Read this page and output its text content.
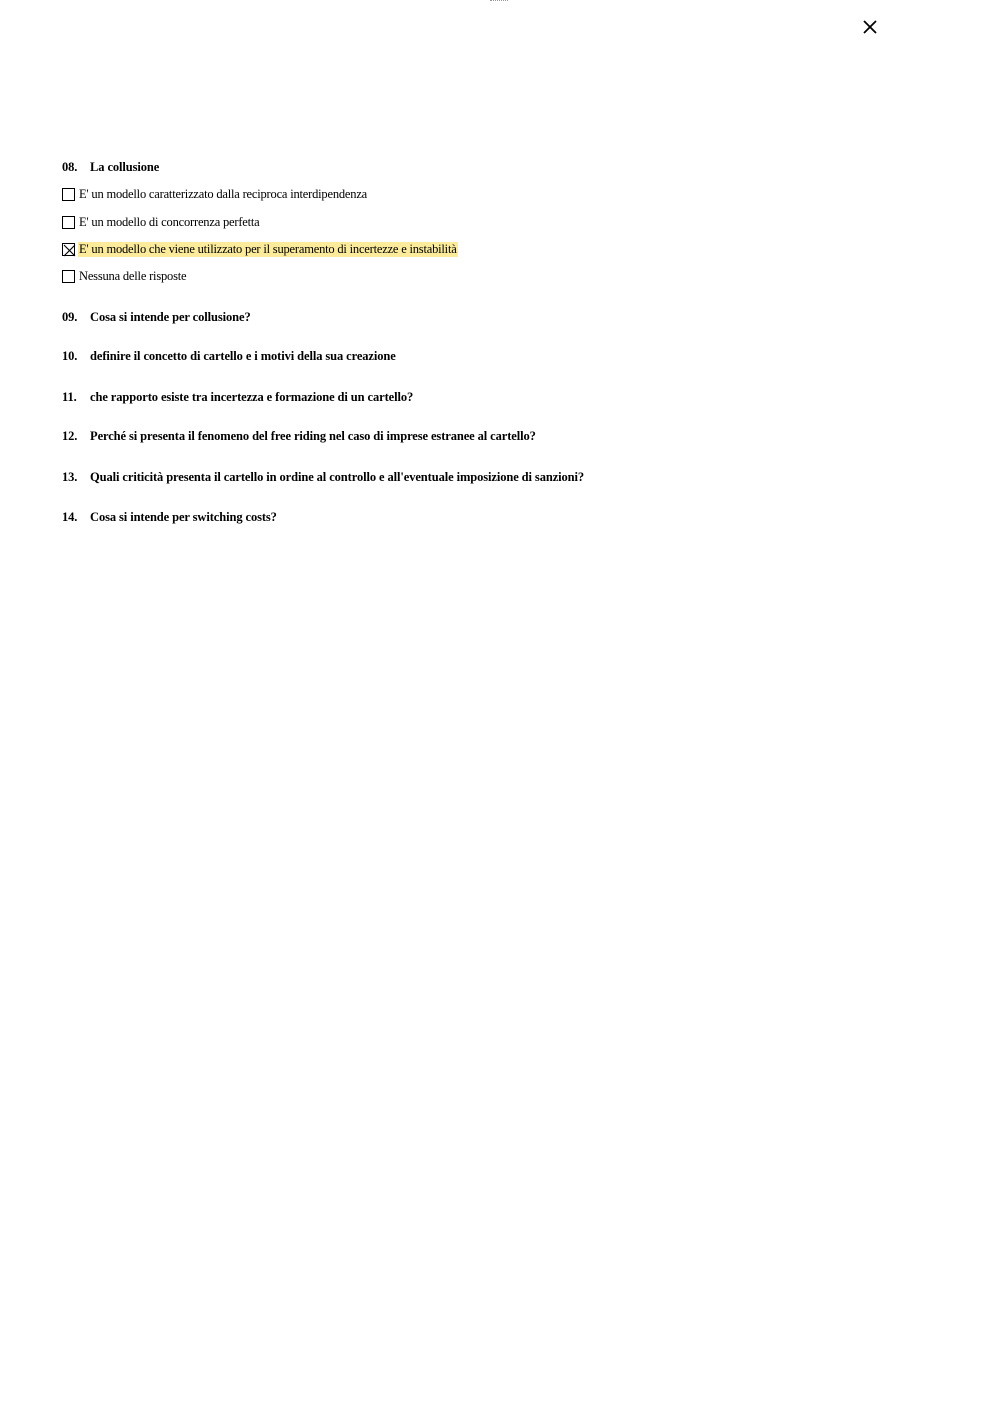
08. La collusione
E' un modello caratterizzato dalla reciproca interdipendenza
E' un modello di concorrenza perfetta
E' un modello che viene utilizzato per il superamento di incertezze e instabilità
Nessuna delle risposte
09. Cosa si intende per collusione?
10. definire il concetto di cartello e i motivi della sua creazione
11. che rapporto esiste tra incertezza e formazione di un cartello?
12. Perché si presenta il fenomeno del free riding nel caso di imprese estranee al cartello?
13. Quali criticità presenta il cartello in ordine al controllo e all'eventuale imposizione di sanzioni?
14. Cosa si intende per switching costs?
